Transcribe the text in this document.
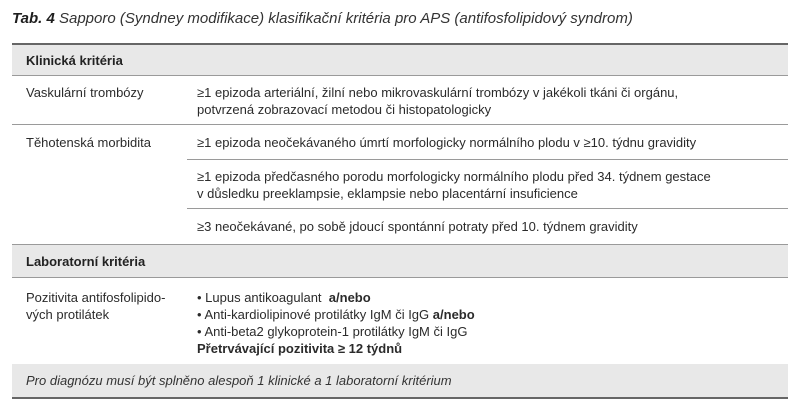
Tab. 4 Sapporo (Syndney modifikace) klasifikační kritéria pro APS (antifosfolipidový syndrom)
Klinická kritéria
Vaskulární trombózy	≥1 epizoda arteriální, žilní nebo mikrovaskulární trombózy v jakékoli tkáni či orgánu,
potvrzená zobrazovací metodou či histopatologicky
Těhotenská morbidita	≥1 epizoda neočekávaného úmrtí morfologicky normálního plodu v ≥10. týdnu gravidity
≥1 epizoda předčasného porodu morfologicky normálního plodu před 34. týdnem gestace
v důsledku preeklampsie, eklampsie nebo placentární insuficience
≥3 neočekávané, po sobě jdoucí spontánní potraty před 10. týdnem gravidity
Laboratorní kritéria
Pozitivita antifosfolipido-
vých protilátek
• Lupus antikoagulant a/nebo
• Anti-kardiolipinové protilátky IgM či IgG a/nebo
• Anti-beta2 glykoprotein-1 protilátky IgM či IgG
Přetrvávající pozitivita ≥ 12 týdnů
Pro diagnózu musí být splněno alespoň 1 klinické a 1 laboratorní kritérium
